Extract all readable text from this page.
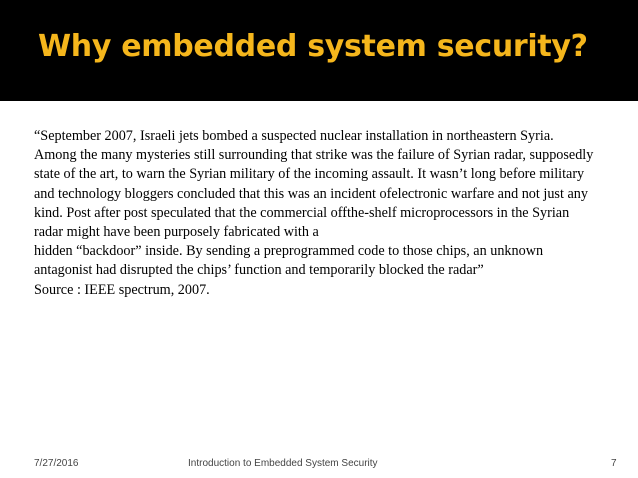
Why embedded system security?
“September 2007, Israeli jets bombed a suspected nuclear installation in northeastern Syria.
Among the many mysteries still surrounding that strike was the failure of Syrian radar, supposedly
state of the art, to warn the Syrian military of the incoming assault. It wasn’t long before military
and technology bloggers concluded that this was an incident ofelectronic warfare and not just any
kind. Post after post speculated that the commercial offthe-shelf microprocessors in the Syrian
radar might have been purposely fabricated with a
hidden “backdoor” inside. By sending a preprogrammed code to those chips, an unknown
antagonist had disrupted the chips’ function and temporarily blocked the radar”
Source : IEEE spectrum, 2007.
7/27/2016	Introduction to Embedded System Security	7
